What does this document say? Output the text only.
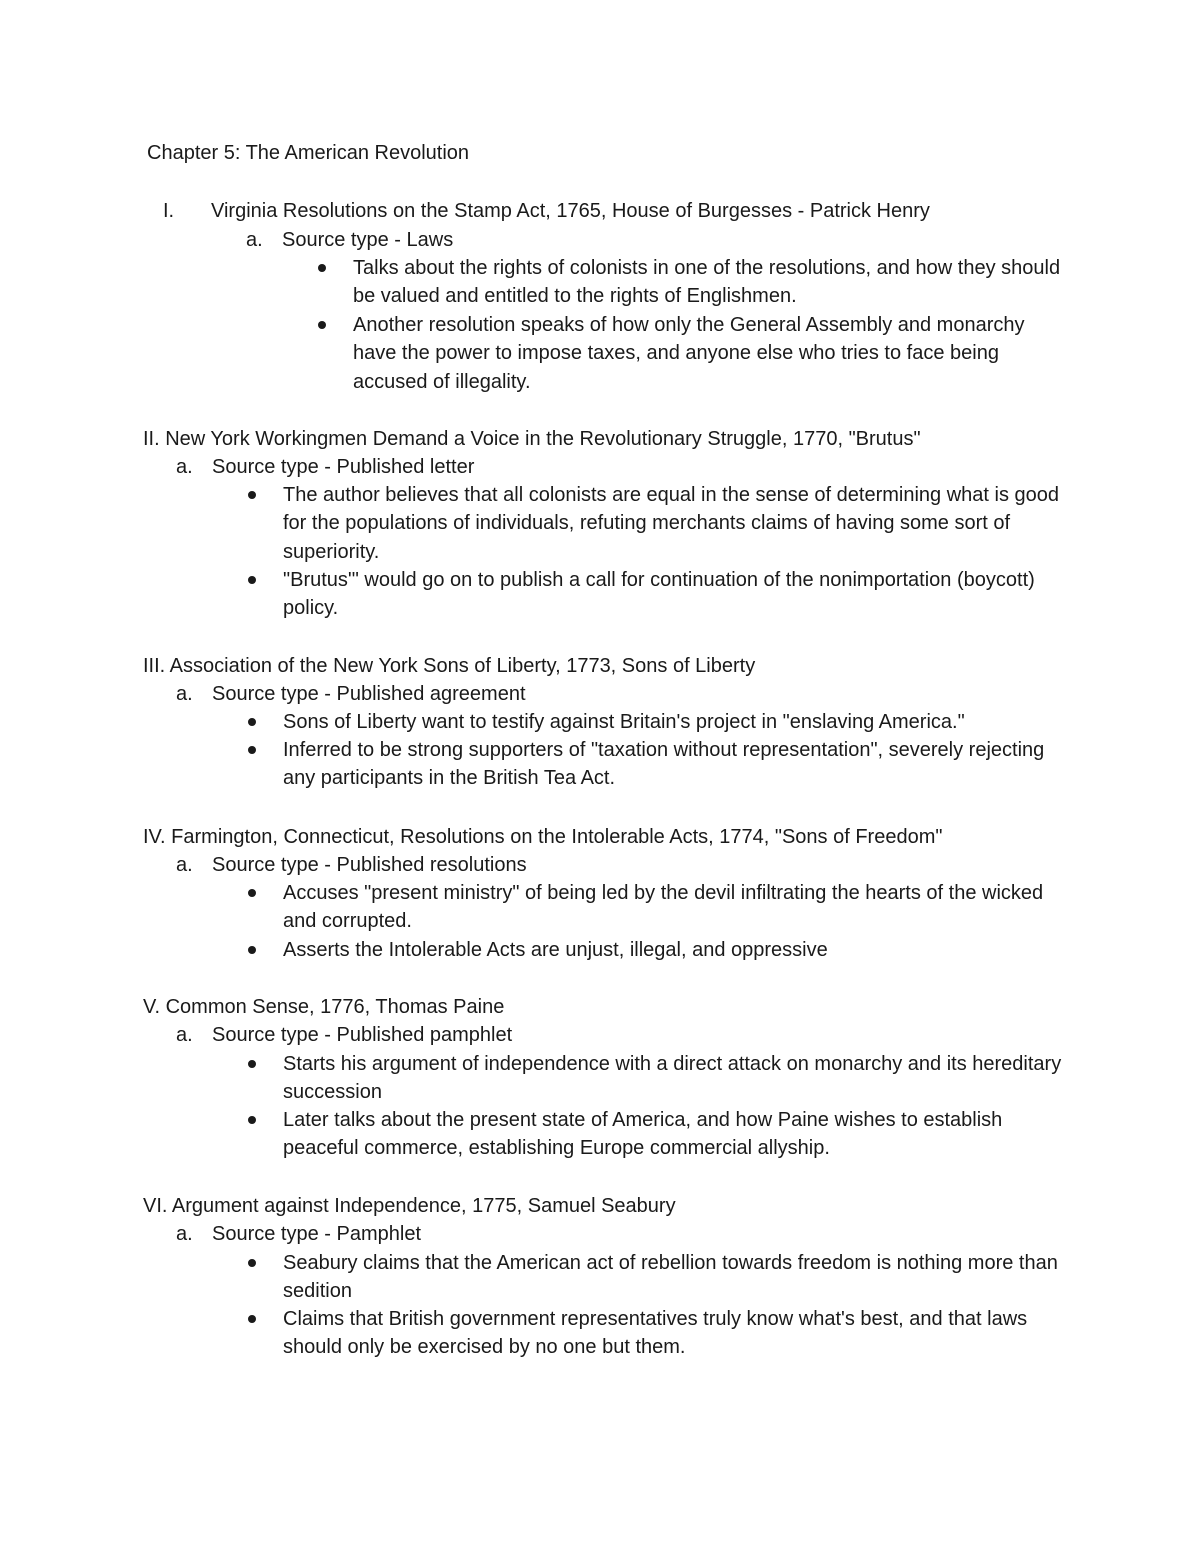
Chapter 5: The American Revolution
I. Virginia Resolutions on the Stamp Act, 1765, House of Burgesses - Patrick Henry
a. Source type - Laws
Talks about the rights of colonists in one of the resolutions, and how they should be valued and entitled to the rights of Englishmen.
Another resolution speaks of how only the General Assembly and monarchy have the power to impose taxes, and anyone else who tries to face being accused of illegality.
II. New York Workingmen Demand a Voice in the Revolutionary Struggle, 1770, "Brutus"
a. Source type - Published letter
The author believes that all colonists are equal in the sense of determining what is good for the populations of individuals, refuting merchants claims of having some sort of superiority.
"Brutus'" would go on to publish a call for continuation of the nonimportation (boycott) policy.
III. Association of the New York Sons of Liberty, 1773, Sons of Liberty
a. Source type - Published agreement
Sons of Liberty want to testify against Britain's project in "enslaving America."
Inferred to be strong supporters of "taxation without representation", severely rejecting any participants in the British Tea Act.
IV. Farmington, Connecticut, Resolutions on the Intolerable Acts, 1774, "Sons of Freedom"
a. Source type - Published resolutions
Accuses "present ministry" of being led by the devil infiltrating the hearts of the wicked and corrupted.
Asserts the Intolerable Acts are unjust, illegal, and oppressive
V. Common Sense, 1776, Thomas Paine
a. Source type - Published pamphlet
Starts his argument of independence with a direct attack on monarchy and its hereditary succession
Later talks about the present state of America, and how Paine wishes to establish peaceful commerce, establishing Europe commercial allyship.
VI. Argument against Independence, 1775, Samuel Seabury
a. Source type - Pamphlet
Seabury claims that the American act of rebellion towards freedom is nothing more than sedition
Claims that British government representatives truly know what's best, and that laws should only be exercised by no one but them.
